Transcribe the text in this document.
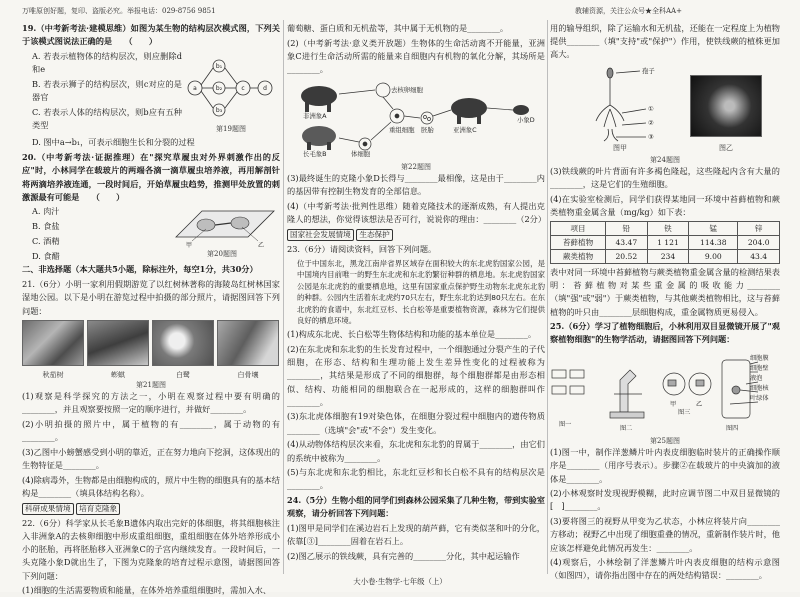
万唯原创好题，复印、盗版必究。举报电话：029-8756 9851	教辅资源，关注公众号★全科AA+

19.（中考新考法·建模思维）如图为某生物的结构层次模式图，下列关于该模式图说法正确的是　　（　　）

A. 若表示植物体的结构层次，则应删除d和e

B. 若表示狮子的结构层次，则c对应的是器官

C. 若表示人体的结构层次，则b应有五种类型

a
b₁
b₂
b₃
c	d
第19题图

D. 图中a→b₁，可表示细胞生长和分裂的过程

20.（中考新考法·证据推理）在"探究草履虫对外界刺激作出的反应"时，小林同学在载玻片的两端各滴一滴草履虫培养液，再用解剖针将两滴培养液连通，一段时间后，开始草履虫趋势，推测甲处放置的刺激源最有可能是　　（　　）

A. 肉汁

B. 食盐

C. 酒精

D. 食醋

甲	乙
第20题图

二、非选择题（本大题共5小题，除标注外，每空1分，共30分）

21.（6分）小明一家利用假期游览了以红树林著称的海陵岛红树林国家湿地公园。以下是小明在游览过程中拍摄的部分照片，请据图回答下列问题：

秋茄树	蟛蜞	白鹭	白骨壤
第21题图

(1)观察是科学探究的方法之一，小明在观察过程中要有明确的________，并且观察要按照一定的顺序进行，并做好________。

(2)小明拍摄的照片中，属于植物的有________，属于动物的有________。

(3)乙图中小螃蟹感受到小明的靠近，正在努力地向下挖洞，这体现出的生物特征是________。

(4)除病毒外，生物都是由细胞构成的，照片中生物的细胞具有的基本结构是________（填具体结构名称）。

科研成果情境 培育克隆象

22.（6分）科学家从长毛象B遗体内取出完好的体细胞，将其细胞核注入非洲象A的去核卵细胞中形成重组细胞，重组细胞在体外培养形成小小的胚胎，再将胚胎移入亚洲象C的子宫内继续发育。一段时间后，一头克隆小象D就出生了，下图为克隆象的培育过程示意图，请据图回答下列问题：

(1)细胞的生活需要物质和能量，在体外培养重组细胞时，需加入水、

葡萄糖、蛋白质和无机盐等，其中属于无机物的是________。

(2)（中考新考法·意义类开放题）生物体的生命活动离不开能量，亚洲象C进行生命活动所需的能量来自细胞内有机物的氧化分解，其场所是________。

非洲象A
去核卵细胞
重组细胞 胚胎
长毛象B	体细胞
亚洲象C
小象D
第22题图

(3)最终诞生的克隆小象D长得与________最相像，这是由于________内的基因带有控制生物发育的全部信息。

(4)（中考新考法·批判性思维）随着克隆技术的逐渐成熟，有人提出克隆人的想法，你觉得该想法是否可行，说说你的理由：________（2分）

国家社会发展情境 生态保护

23.（6分）请阅读资料，回答下列问题。

位于中国东北，黑龙江南岸省界区域存在面积较大的东北虎豹国家公园，是中国境内目前唯一的野生东北虎和东北豹繁衍种群的栖息地。东北虎豹国家公园是东北虎豹的重要栖息地，这里有国家重点保护野生动物东北虎东北豹的种群。公园内生活着东北虎约70只左右，野生东北豹达到80只左右。在东北虎豹的食谱中，东北红豆杉、长白松等是重要植物资源，森林为它们提供良好的栖息环境。

(1)构成东北虎、长白松等生物体结构和功能的基本单位是________。

(2)在东北虎和东北豹的生长发育过程中，一个细胞通过分裂产生的子代细胞，在形态、结构和生理功能上发生差异性变化的过程被称为________，其结果是形成了不同的细胞群，每个细胞群都是由形态相似、结构、功能相同的细胞联合在一起形成的，这样的细胞群叫作________。

(3)东北虎体细胞有19对染色体，在细胞分裂过程中细胞内的遗传物质________（选填"会"或"不会"）发生变化。

(4)从动物体结构层次来看，东北虎和东北豹的胃属于________，由它们的系统中被称为________。

(5)与东北虎和东北豹相比，东北红豆杉和长白松不具有的结构层次是________。

24.（5分）生物小组的同学们到森林公园采集了几种生物，带到实验室观察，请分析回答下列问题：

(1)图甲是同学们在溪边岩石上发现的葫芦藓，它有类似茎和叶的分化，依靠[③]________固着在岩石上。

(2)图乙展示的铁线蕨，具有完善的________分化，其中起运输作

用的输导组织，除了运输水和无机盐，还能在一定程度上为植物提供________（填"支持"或"保护"）作用，使铁线蕨的植株更加高大。

孢子
①
②
③
图甲	图乙
第24题图

(3)铁线蕨的叶片背面有许多褐色隆起，这些隆起内含有大量的________，这是它们的生殖细胞。

(4)在实验室检测后，同学们获得某地同一环境中苔藓植物和蕨类植物重金属含量（mg/kg）如下表：

项目	铅	铁	锰	锌
苔藓植物	43.47	1 121	114.38	204.0
蕨类植物	20.52	234	9.00	43.4

表中对同一环境中苔藓植物与蕨类植物重金属含量的检测结果表明：苔藓植物对某些重金属的吸收能力________（填"强"或"弱"）于蕨类植物，与其他蕨类植物相比，这与苔藓植物的叶只由________层细胞构成，重金属物质更易侵入。

25.（6分）学习了植物细胞后，小林利用双目显微镜开展了"观察植物细胞"的生物学活动，请据图回答下列问题：

甲	乙
图一
图二
图三
图四
细胞膜
细胞壁
液泡
细胞核
叶绿体
第25题图

(1)图一中，制作洋葱鳞片叶内表皮细胞临时装片的正确操作顺序是________（用序号表示）。步骤②在载玻片的中央滴加的液体是________。

(2)小林观察时发现视野模糊，此时应调节图二中双目显微镜的[　]________。

(3)要将图三的视野从甲变为乙状态，小林应将装片向________方移动；视野乙中出现了细胞重叠的情况，重新制作装片时，他应该怎样避免此情况再发生：________。

(4)观察后，小林绘制了洋葱鳞片叶内表皮细胞的结构示意图（如图四），请你指出图中存在的两处结构错误：________。

大小卷·生物学·七年级（上）
